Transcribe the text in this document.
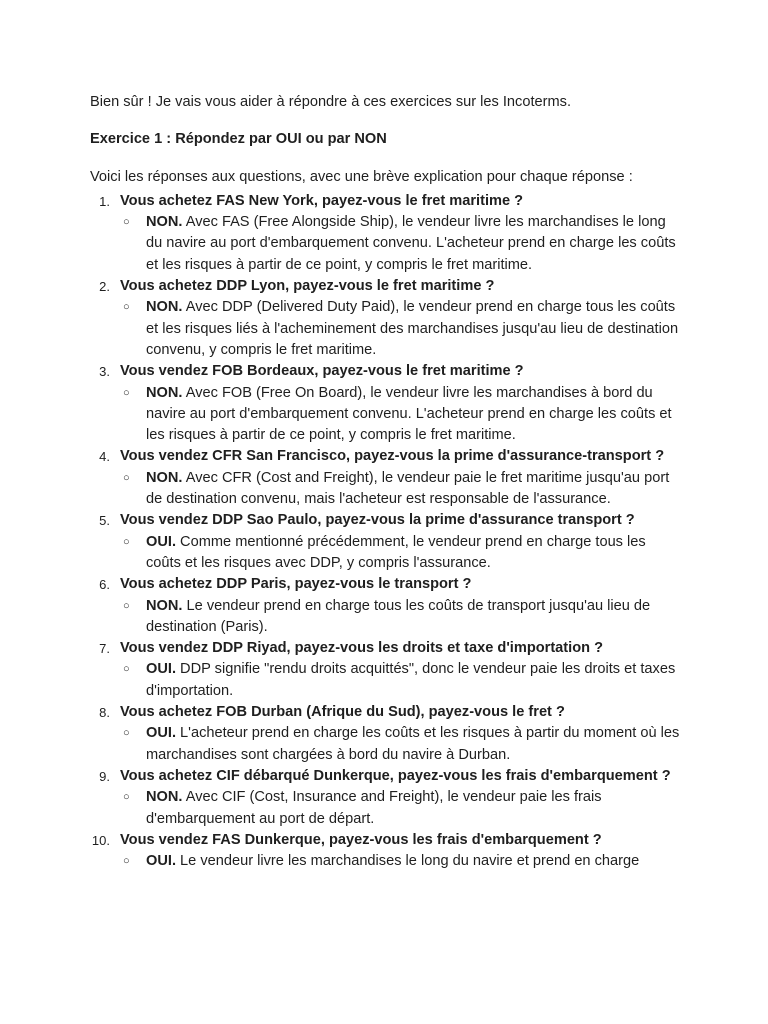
Bien sûr ! Je vais vous aider à répondre à ces exercices sur les Incoterms.

Exercice 1 : Répondez par OUI ou par NON

Voici les réponses aux questions, avec une brève explication pour chaque réponse :

1. Vous achetez FAS New York, payez-vous le fret maritime ?
○ NON. Avec FAS (Free Alongside Ship), le vendeur livre les marchandises le long du navire au port d'embarquement convenu. L'acheteur prend en charge les coûts et les risques à partir de ce point, y compris le fret maritime.
2. Vous achetez DDP Lyon, payez-vous le fret maritime ?
○ NON. Avec DDP (Delivered Duty Paid), le vendeur prend en charge tous les coûts et les risques liés à l'acheminement des marchandises jusqu'au lieu de destination convenu, y compris le fret maritime.
3. Vous vendez FOB Bordeaux, payez-vous le fret maritime ?
○ NON. Avec FOB (Free On Board), le vendeur livre les marchandises à bord du navire au port d'embarquement convenu. L'acheteur prend en charge les coûts et les risques à partir de ce point, y compris le fret maritime.
4. Vous vendez CFR San Francisco, payez-vous la prime d'assurance-transport ?
○ NON. Avec CFR (Cost and Freight), le vendeur paie le fret maritime jusqu'au port de destination convenu, mais l'acheteur est responsable de l'assurance.
5. Vous vendez DDP Sao Paulo, payez-vous la prime d'assurance transport ?
○ OUI. Comme mentionné précédemment, le vendeur prend en charge tous les coûts et les risques avec DDP, y compris l'assurance.
6. Vous achetez DDP Paris, payez-vous le transport ?
○ NON. Le vendeur prend en charge tous les coûts de transport jusqu'au lieu de destination (Paris).
7. Vous vendez DDP Riyad, payez-vous les droits et taxe d'importation ?
○ OUI. DDP signifie "rendu droits acquittés", donc le vendeur paie les droits et taxes d'importation.
8. Vous achetez FOB Durban (Afrique du Sud), payez-vous le fret ?
○ OUI. L'acheteur prend en charge les coûts et les risques à partir du moment où les marchandises sont chargées à bord du navire à Durban.
9. Vous achetez CIF débarqué Dunkerque, payez-vous les frais d'embarquement ?
○ NON. Avec CIF (Cost, Insurance and Freight), le vendeur paie les frais d'embarquement au port de départ.
10. Vous vendez FAS Dunkerque, payez-vous les frais d'embarquement ?
○ OUI. Le vendeur livre les marchandises le long du navire et prend en charge
